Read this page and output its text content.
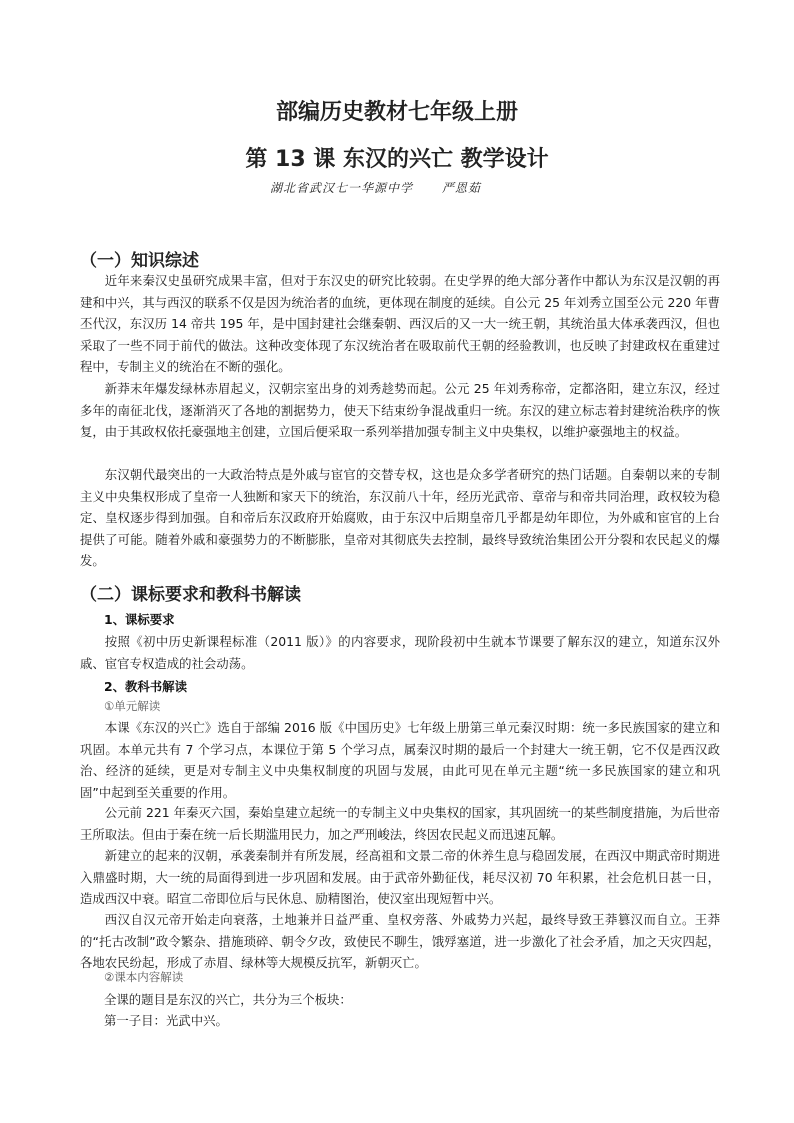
部编历史教材七年级上册
第 13 课 东汉的兴亡 教学设计
湖北省武汉七一华源中学      严恩茹
（一）知识综述

近年来秦汉史虽研究成果丰富，但对于东汉史的研究比较弱。在史学界的绝大部分著作中都认为东汉是汉朝的再建和中兴，其与西汉的联系不仅是因为统治者的血统，更体现在制度的延续。自公元 25 年刘秀立国至公元 220 年曹丕代汉，东汉历 14 帝共 195 年，是中国封建社会继秦朝、西汉后的又一大一统王朝，其统治虽大体承袭西汉，但也采取了一些不同于前代的做法。这种改变体现了东汉统治者在吸取前代王朝的经验教训，也反映了封建政权在重建过程中，专制主义的统治在不断的强化。

新莽末年爆发绿林赤眉起义，汉朝宗室出身的刘秀趁势而起。公元 25 年刘秀称帝，定都洛阳，建立东汉，经过多年的南征北伐，逐渐消灭了各地的割据势力，使天下结束纷争混战重归一统。东汉的建立标志着封建统治秩序的恢复，由于其政权依托豪强地主创建，立国后便采取一系列举措加强专制主义中央集权，以维护豪强地主的权益。

东汉朝代最突出的一大政治特点是外戚与宦官的交替专权，这也是众多学者研究的热门话题。自秦朝以来的专制主义中央集权形成了皇帝一人独断和家天下的统治，东汉前八十年，经历光武帝、章帝与和帝共同治理，政权较为稳定、皇权逐步得到加强。自和帝后东汉政府开始腐败，由于东汉中后期皇帝几乎都是幼年即位，为外戚和宦官的上台提供了可能。随着外戚和豪强势力的不断膨胀，皇帝对其彻底失去控制，最终导致统治集团公开分裂和农民起义的爆发。

（二）课标要求和教科书解读
1、课标要求

按照《初中历史新课程标准（2011 版）》的内容要求，现阶段初中生就本节课要了解东汉的建立，知道东汉外戚、宦官专权造成的社会动荡。

2、教科书解读
①单元解读

本课《东汉的兴亡》选自于部编 2016 版《中国历史》七年级上册第三单元秦汉时期：统一多民族国家的建立和巩固。本单元共有 7 个学习点，本课位于第 5 个学习点，属秦汉时期的最后一个封建大一统王朝，它不仅是西汉政治、经济的延续，更是对专制主义中央集权制度的巩固与发展，由此可见在单元主题“统一多民族国家的建立和巩固”中起到至关重要的作用。

公元前 221 年秦灭六国，秦始皇建立起统一的专制主义中央集权的国家，其巩固统一的某些制度措施，为后世帝王所取法。但由于秦在统一后长期滥用民力，加之严刑峻法，终因农民起义而迅速瓦解。

新建立的起来的汉朝，承袭秦制并有所发展，经高祖和文景二帝的休养生息与稳固发展，在西汉中期武帝时期进入鼎盛时期，大一统的局面得到进一步巩固和发展。由于武帝外勤征伐，耗尽汉初 70 年积累，社会危机日甚一日，造成西汉中衰。昭宣二帝即位后与民休息、励精图治，使汉室出现短暂中兴。

西汉自汉元帝开始走向衰落，土地兼并日益严重、皇权旁落、外戚势力兴起，最终导致王莽篡汉而自立。王莽的“托古改制”政令繁杂、措施琐碎、朝令夕改，致使民不聊生，饿殍塞道，进一步激化了社会矛盾，加之天灾四起，各地农民纷起，形成了赤眉、绿林等大规模反抗军，新朝灭亡。

②课本内容解读
全课的题目是东汉的兴亡，共分为三个板块：
第一子目：光武中兴。
